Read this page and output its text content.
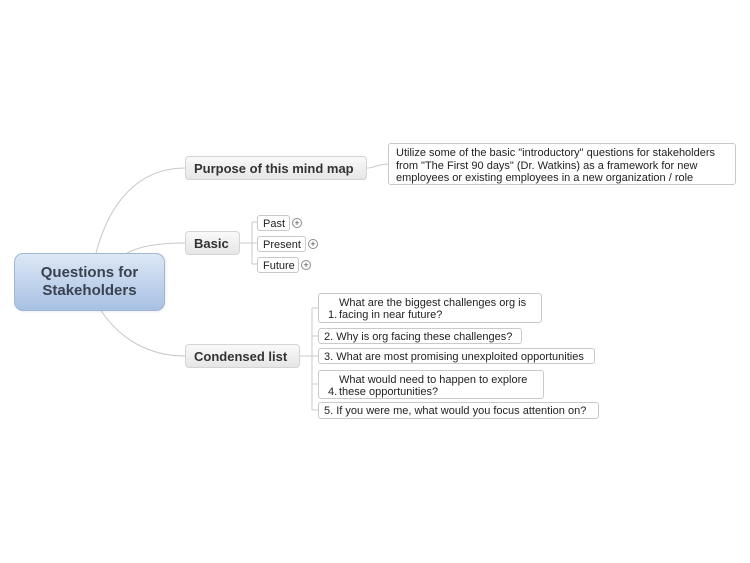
Questions for
Stakeholders
Purpose of this mind map
Utilize some of the basic "introductory" questions for stakeholders
from "The First 90 days" (Dr. Watkins) as a framework for new
employees or existing employees in a new organization / role
Basic
Past	+
Present	+
Future +
Condensed list
1.
What are the biggest challenges org is
facing in near future?
2. Why is org facing these challenges?
3. What are most promising unexploited opportunities
4.
What would need to happen to explore
these opportunities?
5. If you were me, what would you focus attention on?
